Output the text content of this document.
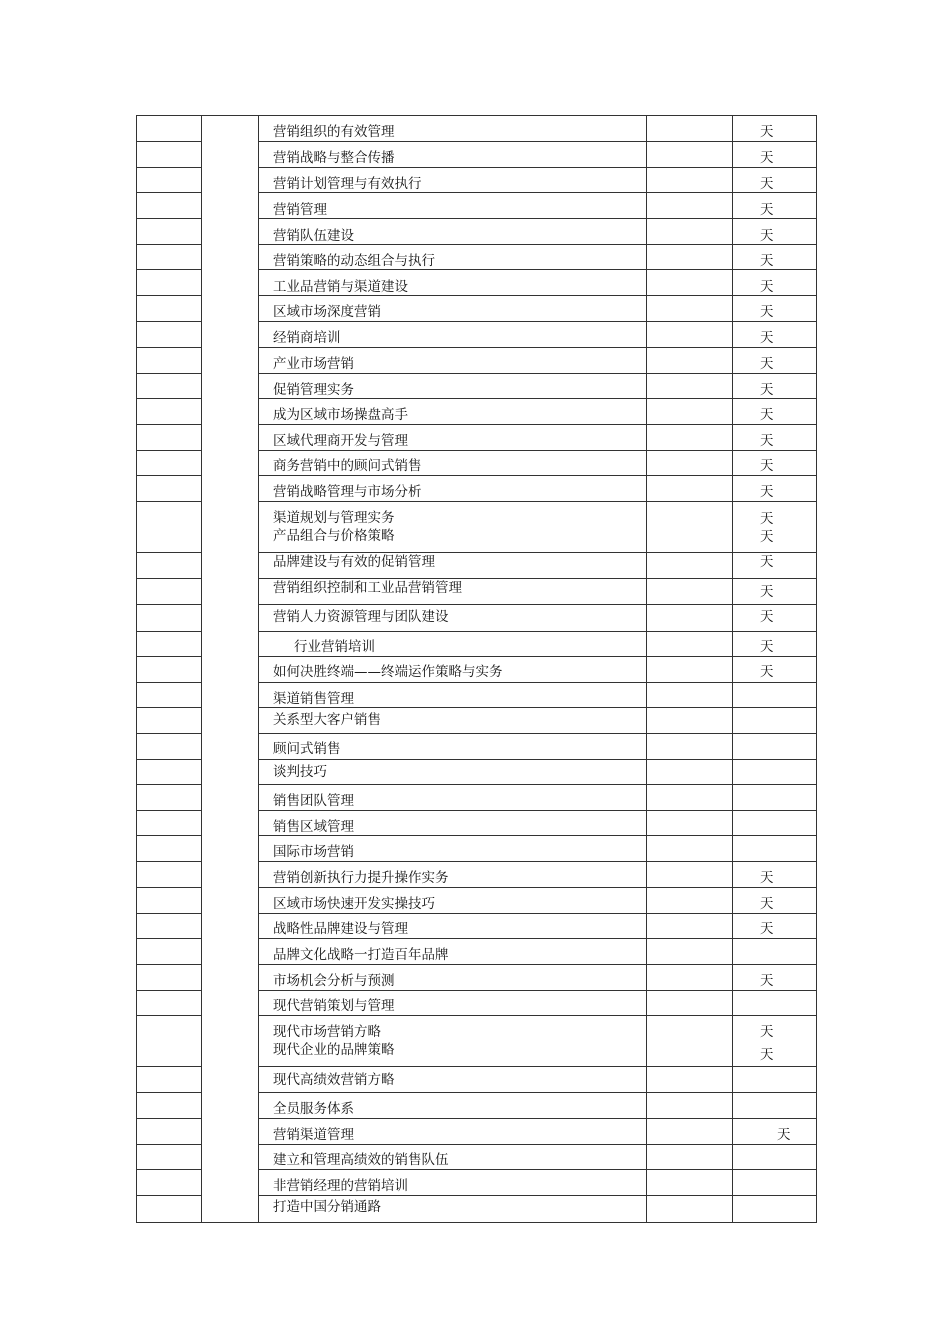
营销组织的有效管理	天
营销战略与整合传播	天
营销计划管理与有效执行	天
营销管理	天
营销队伍建设	天
营销策略的动态组合与执行	天
工业品营销与渠道建设	天
区域市场深度营销	天
经销商培训	天
产业市场营销	天
促销管理实务	天
成为区域市场操盘高手	天
区域代理商开发与管理	天
商务营销中的顾问式销售	天
营销战略管理与市场分析	天
渠道规划与管理实务	天
产品组合与价格策略	天
品牌建设与有效的促销管理	天
营销组织控制和工业品营销管理	天
营销人力资源管理与团队建设	天
行业营销培训	天
如何决胜终端——终端运作策略与实务	天
渠道销售管理
关系型大客户销售
顾问式销售
谈判技巧
销售团队管理
销售区域管理
国际市场营销
营销创新执行力提升操作实务	天
区域市场快速开发实操技巧	天
战略性品牌建设与管理	天
品牌文化战略一打造百年品牌
市场机会分析与预测	天
现代营销策划与管理
现代市场营销方略	天
现代企业的品牌策略	天
现代高绩效营销方略
全员服务体系
营销渠道管理	天
建立和管理高绩效的销售队伍
非营销经理的营销培训
打造中国分销通路
